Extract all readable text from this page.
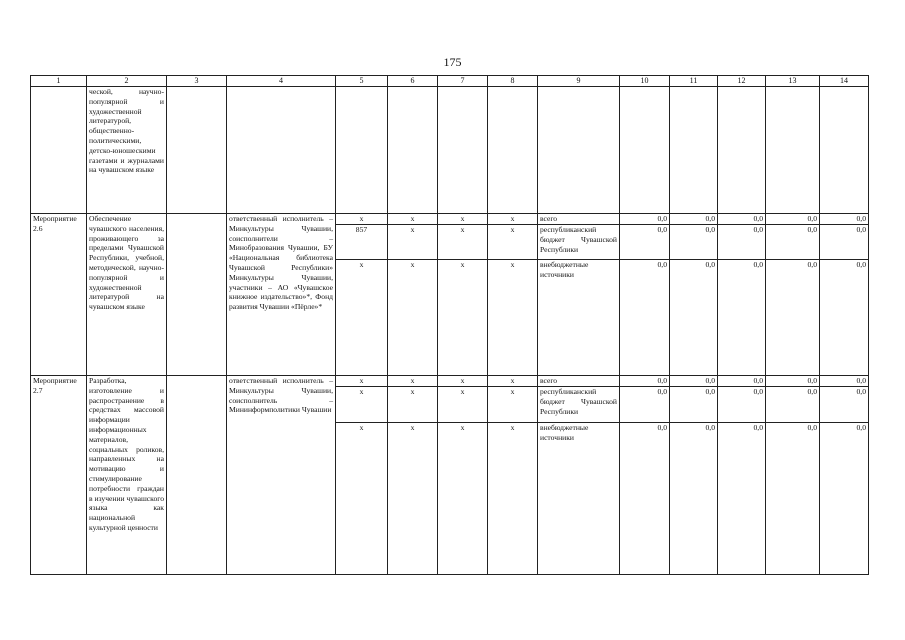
175
1	2	3	4	5	6	7	8	9	10	11	12	13	14
	ческой, научно-популярной и художественной литературой, общественно-политическими, детско-юношескими газетами и журналами на чувашском языке												
Мероприятие 2.6	Обеспечение чувашского населения, проживающего за пределами Чувашской Республики, учебной, методической, научно-популярной и художественной литературой на чувашском языке		ответственный исполнитель – Минкультуры Чувашии, соисполнители – Минобразования Чувашии, БУ «Национальная библиотека Чувашской Республики» Минкультуры Чувашии, участники – АО «Чувашское книжное издательство»*, Фонд развития Чувашии «Пёрле»*	x	x	x	x	всего	0,0	0,0	0,0	0,0	0,0
				857	x	x	x	республиканский бюджет Чувашской Республики	0,0	0,0	0,0	0,0	0,0
				x	x	x	x	внебюджетные источники	0,0	0,0	0,0	0,0	0,0
Мероприятие 2.7	Разработка, изготовление и распространение в средствах массовой информации информационных материалов, социальных роликов, направленных на мотивацию и стимулирование потребности граждан в изучении чувашского языка как национальной культурной ценности		ответственный исполнитель – Минкультуры Чувашии, соисполнитель – Мининформполитики Чувашии	x	x	x	x	всего	0,0	0,0	0,0	0,0	0,0
				x	x	x	x	республиканский бюджет Чувашской Республики	0,0	0,0	0,0	0,0	0,0
				x	x	x	x	внебюджетные источники	0,0	0,0	0,0	0,0	0,0
